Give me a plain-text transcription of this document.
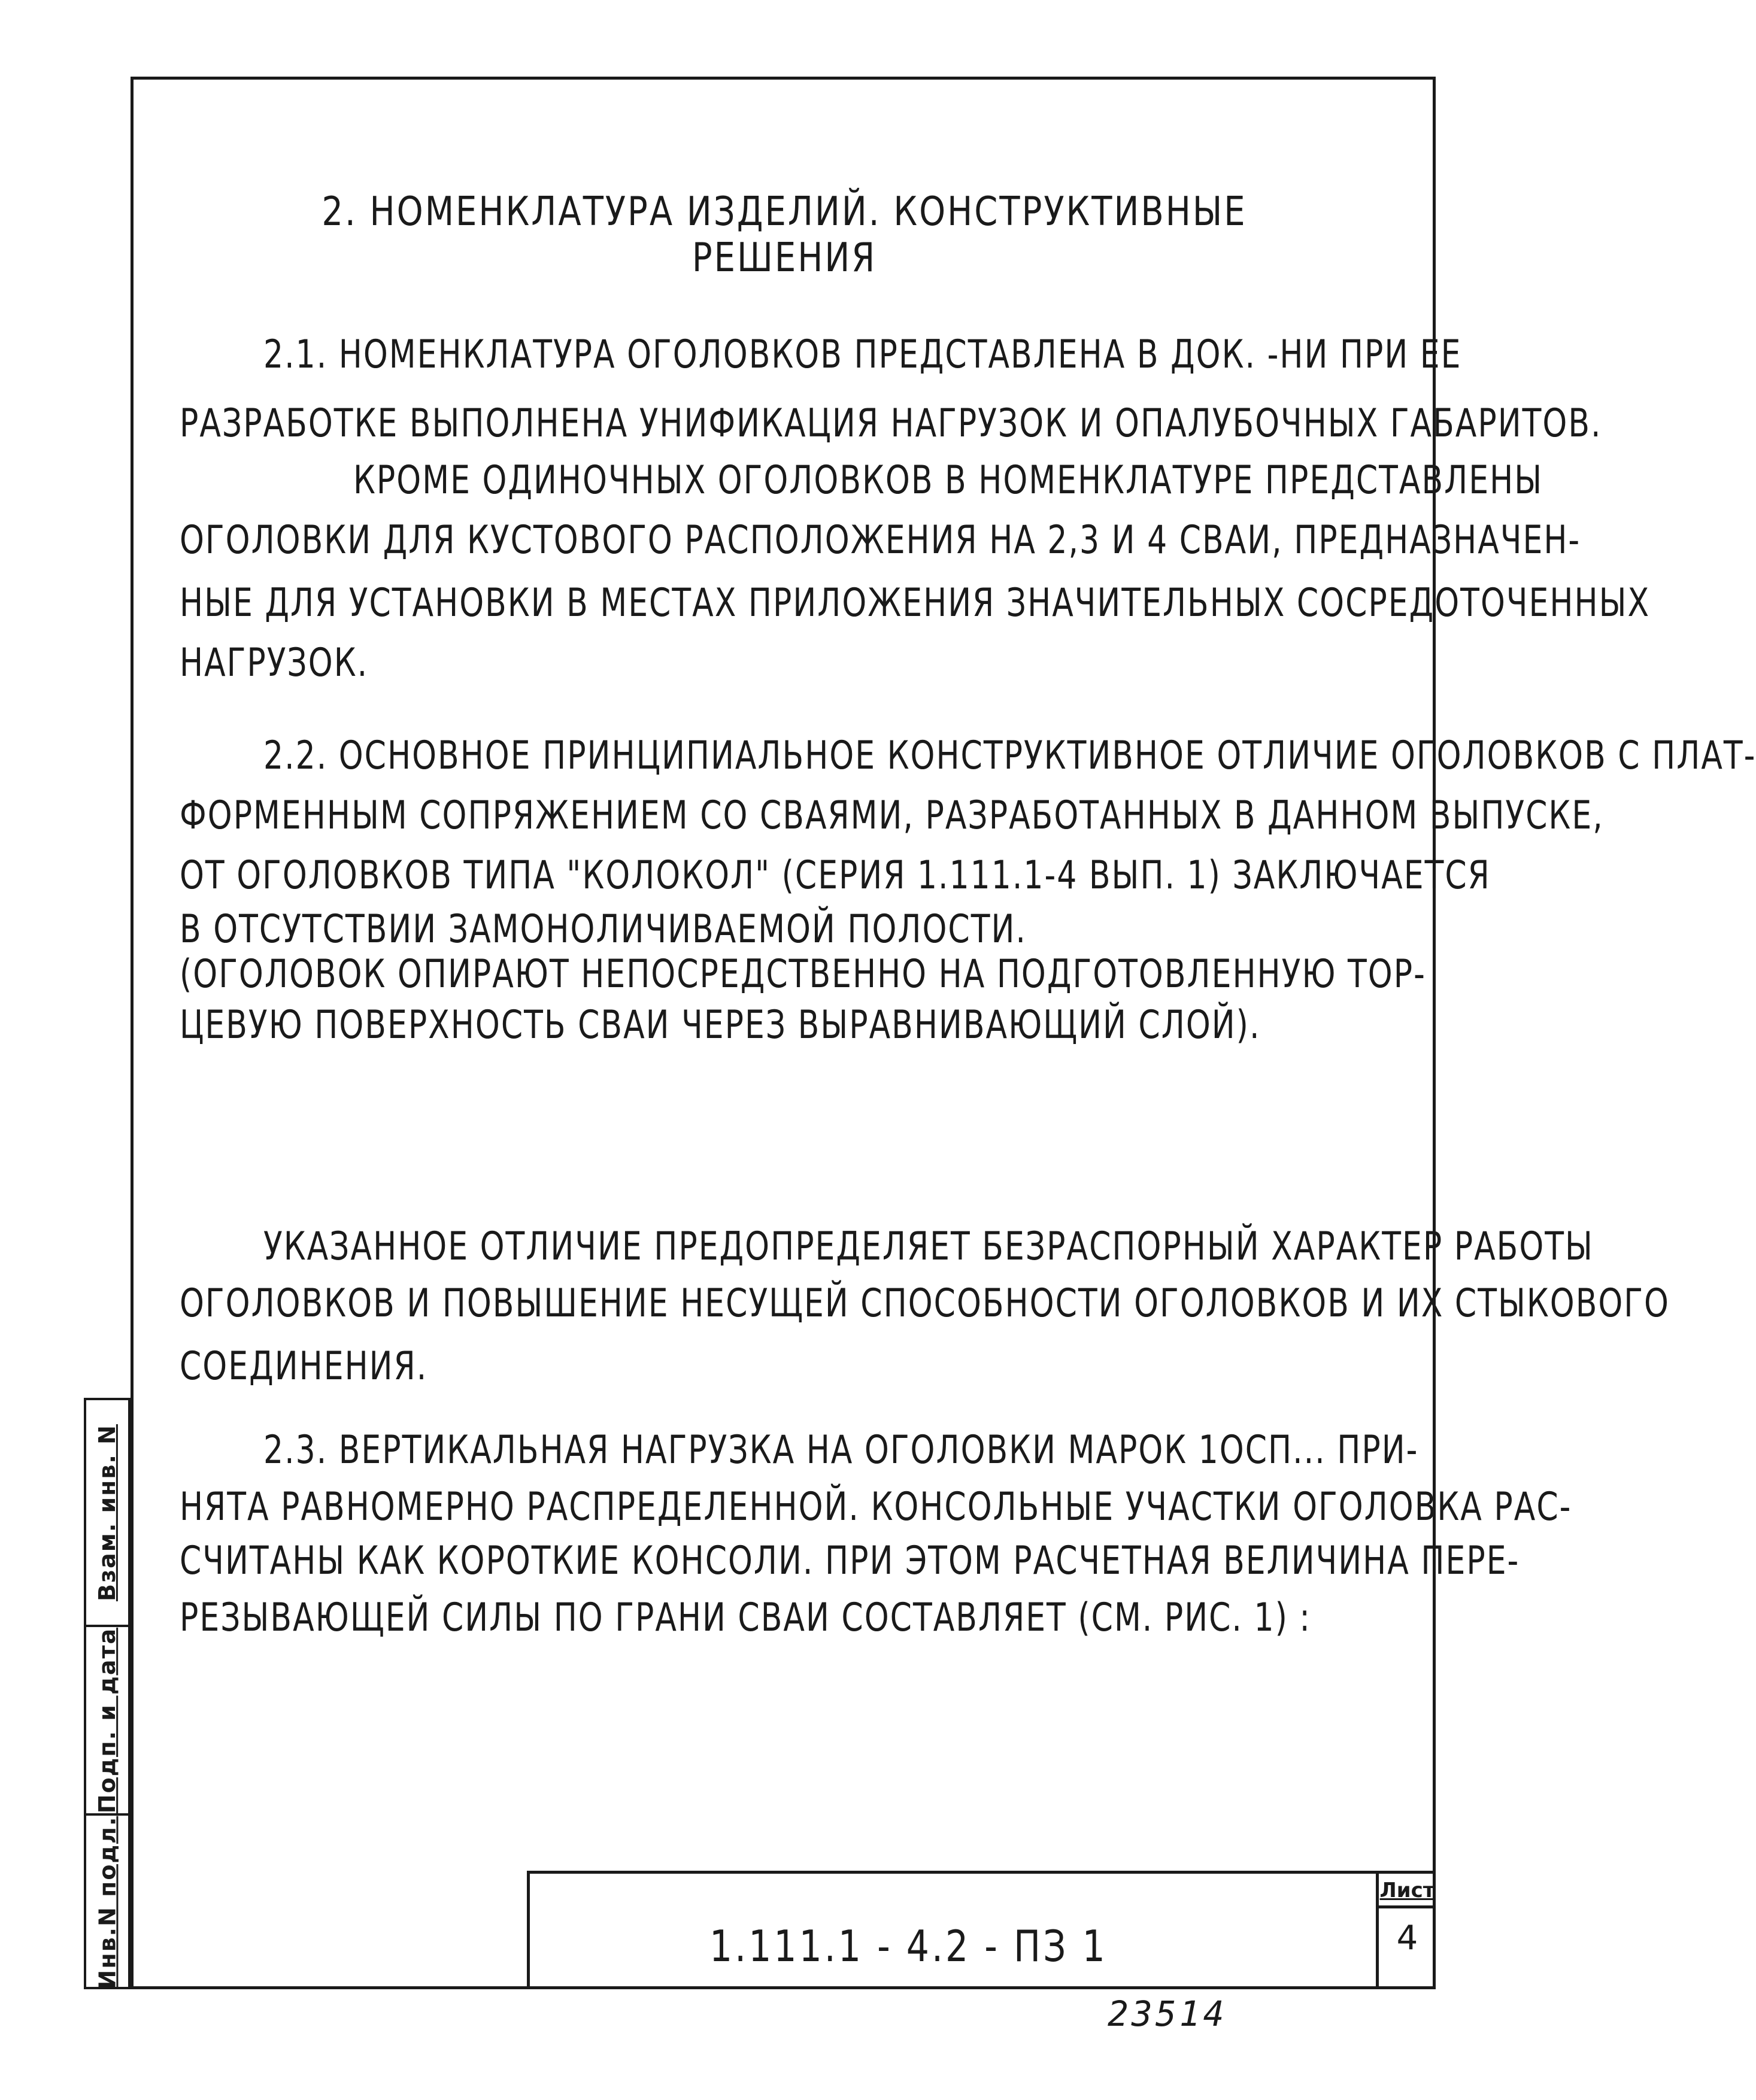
2. НОМЕНКЛАТУРА ИЗДЕЛИЙ. КОНСТРУКТИВНЫЕ
РЕШЕНИЯ
2.1. НОМЕНКЛАТУРА ОГОЛОВКОВ ПРЕДСТАВЛЕНА В ДОК. -НИ ПРИ ЕЕ
РАЗРАБОТКЕ ВЫПОЛНЕНА УНИФИКАЦИЯ НАГРУЗОК И ОПАЛУБОЧНЫХ ГАБАРИТОВ.
КРОМЕ ОДИНОЧНЫХ ОГОЛОВКОВ В НОМЕНКЛАТУРЕ ПРЕДСТАВЛЕНЫ
ОГОЛОВКИ ДЛЯ КУСТОВОГО РАСПОЛОЖЕНИЯ НА 2,3 И 4 СВАИ, ПРЕДНАЗНАЧЕН-
НЫЕ ДЛЯ УСТАНОВКИ В МЕСТАХ ПРИЛОЖЕНИЯ ЗНАЧИТЕЛЬНЫХ СОСРЕДОТОЧЕННЫХ
НАГРУЗОК.
2.2. ОСНОВНОЕ ПРИНЦИПИАЛЬНОЕ КОНСТРУКТИВНОЕ ОТЛИЧИЕ ОГОЛОВКОВ С ПЛАТ-
ФОРМЕННЫМ СОПРЯЖЕНИЕМ СО СВАЯМИ, РАЗРАБОТАННЫХ В ДАННОМ ВЫПУСКЕ,
ОТ ОГОЛОВКОВ ТИПА "КОЛОКОЛ" (СЕРИЯ 1.111.1-4 ВЫП. 1) ЗАКЛЮЧАЕТСЯ
В ОТСУТСТВИИ ЗАМОНОЛИЧИВАЕМОЙ ПОЛОСТИ.
(ОГОЛОВОК ОПИРАЮТ НЕПОСРЕДСТВЕННО НА ПОДГОТОВЛЕННУЮ ТОР-
ЦЕВУЮ ПОВЕРХНОСТЬ СВАИ ЧЕРЕЗ ВЫРАВНИВАЮЩИЙ СЛОЙ).
УКАЗАННОЕ ОТЛИЧИЕ ПРЕДОПРЕДЕЛЯЕТ БЕЗРАСПОРНЫЙ ХАРАКТЕР РАБОТЫ
ОГОЛОВКОВ И ПОВЫШЕНИЕ НЕСУЩЕЙ СПОСОБНОСТИ ОГОЛОВКОВ И ИХ СТЫКОВОГО
СОЕДИНЕНИЯ.
2.3. ВЕРТИКАЛЬНАЯ НАГРУЗКА НА ОГОЛОВКИ МАРОК 1ОСП... ПРИ-
НЯТА РАВНОМЕРНО РАСПРЕДЕЛЕННОЙ. КОНСОЛЬНЫЕ УЧАСТКИ ОГОЛОВКА РАС-
СЧИТАНЫ КАК КОРОТКИЕ КОНСОЛИ. ПРИ ЭТОМ РАСЧЕТНАЯ ВЕЛИЧИНА ПЕРЕ-
РЕЗЫВАЮЩЕЙ СИЛЫ ПО ГРАНИ СВАИ СОСТАВЛЯЕТ (СМ. РИС. 1) :
Инв.N подл.
Подп. и дата
Взам. инв. N
1.111.1 - 4.2 - ПЗ 1
Лист
4
23514
